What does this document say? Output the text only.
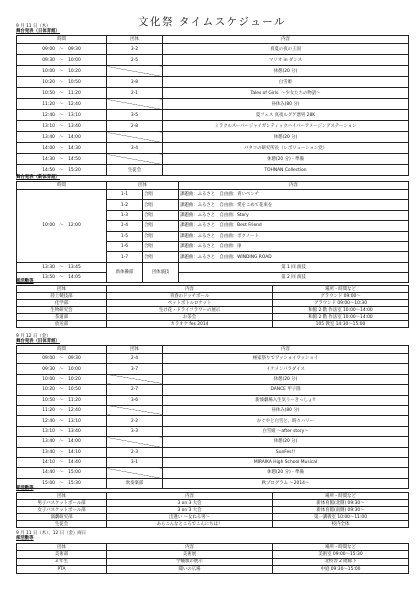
文化祭 タイムスケジュール
9 月 11 日（木）
舞台発表（日体育館）
時間	団体	内容
09:00　～　09:30	3-2	真夏の夜の王国
09:30　～　10:00	2-5	マリオ in ダンス
10:00　～　10:20		休憩(20 分)
10:20　～　10:50	3-8	白雪姫
10:50　～　11:20	2-1	Tales of Girls. ～少女たちの物語～
11:20　～　12:40		昼休み(80 分)
12:40　～　13:10	3-5	夏フェス 真夜ルグゲ悪男 28K
13:10　～　13:40	2-8	ミラクルスーパージャイガンティックハイパーアメージングステーション
13:40　～　14:00		休憩(20 分)
14:00　～　14:30	3-4	バタコの研究所長（レボリューション党）
14:30　～　14:50		休憩(20 分)・準備
14:50　～　15:20	生徒会	TOHNAN Collection
舞台発表（新体育館）
時間	団体		内容
10:00　～　12:00	1-1	合唱	課題曲：ふるさと　自由曲：青いベンチ
	1-2	合唱	課題曲：ふるさと　自由曲：愛をこめて花束を
	1-3	合唱	課題曲：ふるさと　自由曲：Story
	1-4	合唱	課題曲：ふるさと　自由曲：Best Friend
	1-5	合唱	課題曲：ふるさと　自由曲：ボクノート
	1-6	合唱	課題曲：ふるさと　自由曲：扉
	1-7	合唱	課題曲：ふるさと　自由曲：WINDING ROAD
13:30　～　13:45	新体操部	団体演技	第 1 回 演技
13:50　～　14:05			第 2 回 演技
部活動等
団体	内容	場所・時間など
陸上競技部	青春のドッチボール	グラウンド 09:00～
化学部	ペットボトルロケット	グラウンド 09:00～10:30
生物研究会	生け花・ドライフラワーの展示	和館 2 階 作法室 10:00～14:00
茶道部	お茶会	和館 2 階 作法室 10:00～14:00
放送部	カラオケ fes 2014	105 教室 14:30～15:00
9 月 12 日（金）
舞台発表（旧体育館）
時間	団体	内容
09:00　～　09:30	2-4	極家祭りでワッショイワッショイ
09:30　～　10:00	3-7	イケメンパラダイス
10:00　～　10:20		休憩(20 分)
10:20　～　10:50	2-7	DANCE 甲子園
10:50　～　11:20	3-6	新湊劇場入生気うーきっしょ!!
11:20　～　12:40		昼休み(80 分)
12:40　～　13:10	2-2	かぐやと白雪と、時々ハリー
13:10　～　13:40	3-3	白雪姫 ～after story～
13:40　～　14:00		休憩(20 分)
13:40　～　14:10	2-3	SunFes!!
14:10　～　14:40	3-1	MIRAIKA High School Musical
14:40　～　15:00		休憩(20 分)・準備
15:00　～　15:30	吹奏楽部	秋プログラム ～2014～
部活動等
団体	内容	場所・時間など
男子バスケットボール部	3 on 3 大会	新体育館(北側) 09:30～
女子バスケットボール部	3 on 3 大会	新体育館(南側) 09:30～
演劇研究部	出逢い ～女ねる男～	第一講義室 10:00～11:00
生徒会	あらこんなところでこんにちは！	校内全体
9 月 11 日（木）、12 日（金）両日
部活動等
団体	内容	場所・時間など
美術部	美術展	美術室 09:00～15:30
3 年生	学級旗の展示	北校舎 2 階廊下
PTA	聞いの広場	中庭 09:30～15:00
